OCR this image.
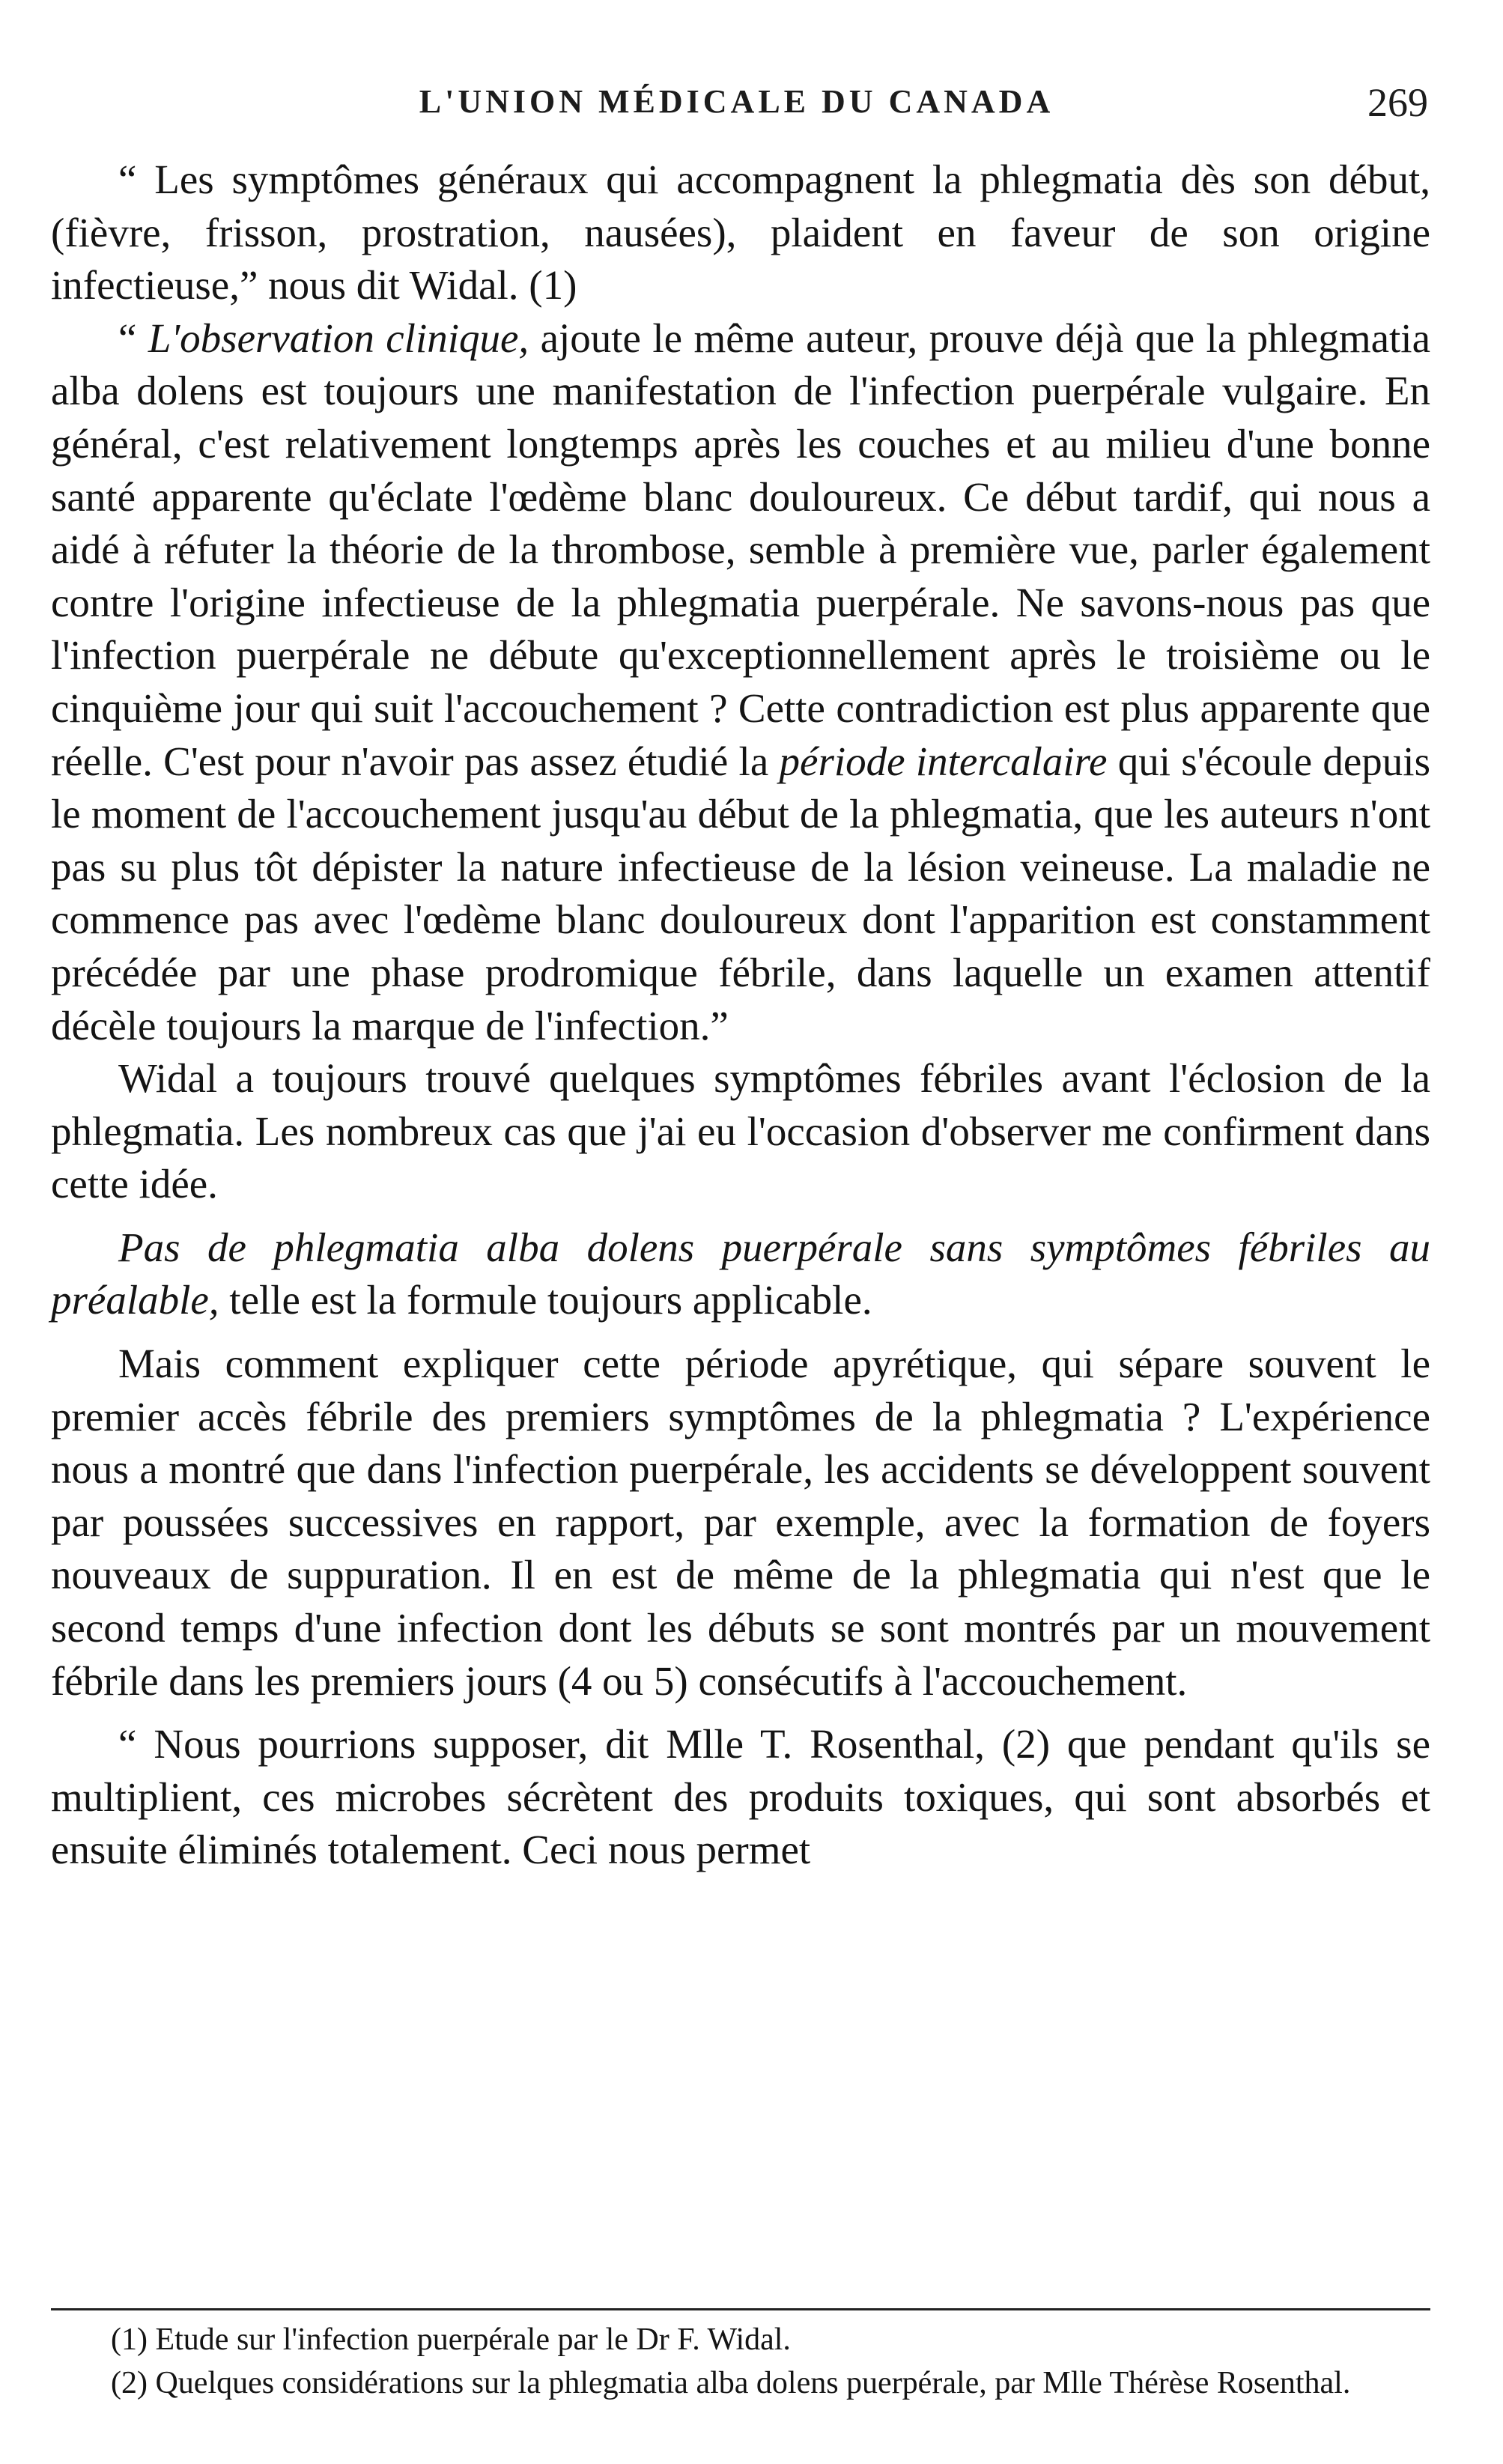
L'UNION MÉDICALE DU CANADA	269

“ Les symptômes généraux qui accompagnent la phlegmatia dès son début, (fièvre, frisson, prostration, nausées), plaident en faveur de son origine infectieuse,” nous dit Widal. (1)

“ L'observation clinique, ajoute le même auteur, prouve déjà que la phlegmatia alba dolens est toujours une manifestation de l'infection puerpérale vulgaire. En général, c'est relativement longtemps après les couches et au milieu d'une bonne santé apparente qu'éclate l'œdème blanc douloureux. Ce début tardif, qui nous a aidé à réfuter la théorie de la thrombose, semble à première vue, parler également contre l'origine infectieuse de la phlegmatia puerpérale. Ne savons-nous pas que l'infection puerpérale ne débute qu'exceptionnellement après le troisième ou le cinquième jour qui suit l'accouchement ? Cette contradiction est plus apparente que réelle. C'est pour n'avoir pas assez étudié la période intercalaire qui s'écoule depuis le moment de l'accouchement jusqu'au début de la phlegmatia, que les auteurs n'ont pas su plus tôt dépister la nature infectieuse de la lésion veineuse. La maladie ne commence pas avec l'œdème blanc douloureux dont l'apparition est constamment précédée par une phase prodromique fébrile, dans laquelle un examen attentif décèle toujours la marque de l'infection.”

Widal a toujours trouvé quelques symptômes fébriles avant l'éclosion de la phlegmatia. Les nombreux cas que j'ai eu l'occasion d'observer me confirment dans cette idée.

Pas de phlegmatia alba dolens puerpérale sans symptômes fébriles au préalable, telle est la formule toujours applicable.

Mais comment expliquer cette période apyrétique, qui sépare souvent le premier accès fébrile des premiers symptômes de la phlegmatia ? L'expérience nous a montré que dans l'infection puerpérale, les accidents se développent souvent par poussées successives en rapport, par exemple, avec la formation de foyers nouveaux de suppuration. Il en est de même de la phlegmatia qui n'est que le second temps d'une infection dont les débuts se sont montrés par un mouvement fébrile dans les premiers jours (4 ou 5) consécutifs à l'accouchement.

“ Nous pourrions supposer, dit Mlle T. Rosenthal, (2) que pendant qu'ils se multiplient, ces microbes sécrètent des produits toxiques, qui sont absorbés et ensuite éliminés totalement. Ceci nous permet

(1) Etude sur l'infection puerpérale par le Dr F. Widal.

(2) Quelques considérations sur la phlegmatia alba dolens puerpérale, par Mlle Thérèse Rosenthal.
